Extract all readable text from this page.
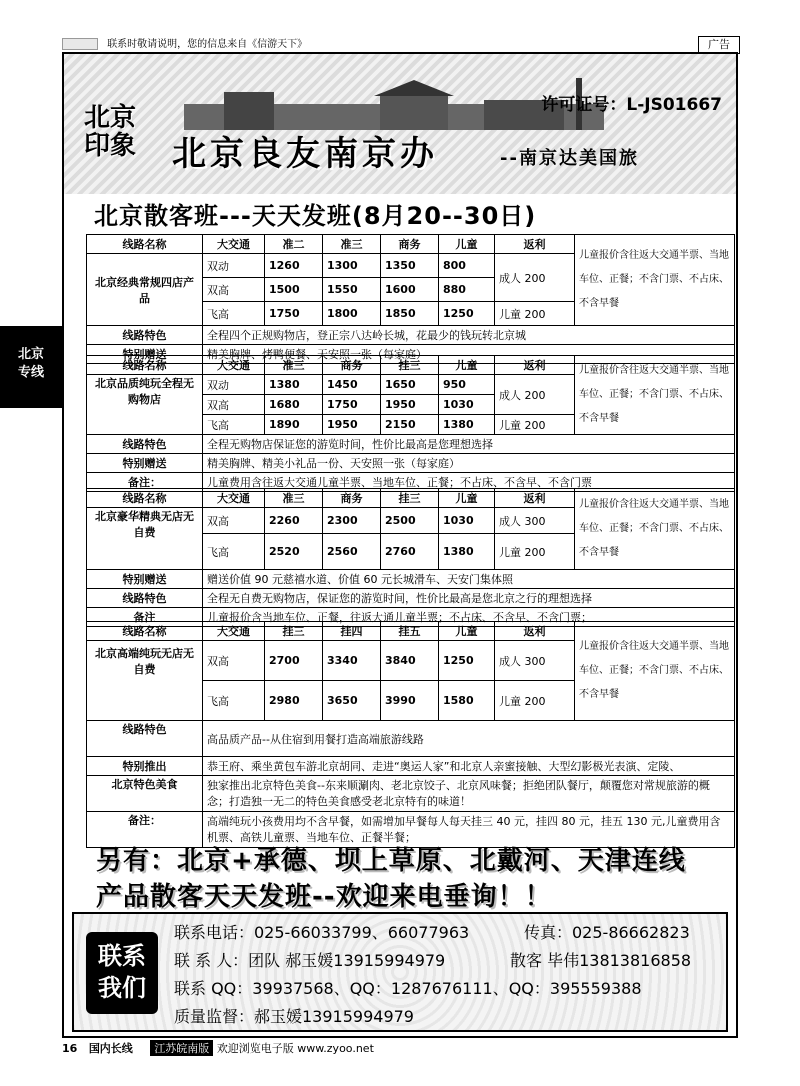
联系时敬请说明，您的信息来自《信游天下》	广告
北京
专线
许可证号：L-JS01667
北京
印象 北京良友南京办	--南京达美国旅
北京散客班---天天发班(8月20--30日)
线路名称	大交通	准二	准三	商务	儿童	返利	儿童报价含往返大交通半票、当地车位、正餐；不含门票、不占床、不含早餐
北京经典常规四店产品	双动	1260	1300	1350	800	成人 200	
	双高	1500	1550	1600	880		
	飞高	1750	1800	1850	1250	儿童 200	
线路特色	全程四个正规购物店，登正宗八达岭长城，花最少的钱玩转北京城						
特别赠送	精美胸牌、烤鸭便餐、天安照一张（每家庭）						
线路名称	大交通	准三	商务	挂三	儿童	返利	儿童报价含往返大交通半票、当地车位、正餐；不含门票、不占床、不含早餐
北京品质纯玩全程无购物店	双动	1380	1450	1650	950	成人 200	
	双高	1680	1750	1950	1030		
	飞高	1890	1950	2150	1380	儿童 200	
线路特色	全程无购物店保证您的游览时间，性价比最高是您理想选择						
特别赠送	精美胸牌、精美小礼品一份、天安照一张（每家庭）						
备注：	儿童费用含往返大交通儿童半票、当地车位、正餐；不占床、不含早、不含门票						
线路名称	大交通	准三	商务	挂三	儿童	返利	儿童报价含往返大交通半票、当地车位、正餐；不含门票、不占床、不含早餐
北京豪华精典无店无自费	双高	2260	2300	2500	1030	成人 300	
	飞高	2520	2560	2760	1380	儿童 200	
特别赠送	赠送价值 90 元慈禧水道、价值 60 元长城滑车、天安门集体照						
线路特色	全程无自费无购物店，保证您的游览时间，性价比最高是您北京之行的理想选择						
备注	儿童报价含当地车位、正餐，往返大通儿童半票；不占床、不含早、不含门票；						
线路名称	大交通	挂三	挂四	挂五	儿童	返利	儿童报价含往返大交通半票、当地车位、正餐；不含门票、不占床、不含早餐
北京高端纯玩无店无自费	双高	2700	3340	3840	1250	成人 300	
	飞高	2980	3650	3990	1580	儿童 200	
线路特色	高品质产品--从住宿到用餐打造高端旅游线路						
特别推出	恭王府、乘坐黄包车游北京胡同、走进“奥运人家”和北京人亲蜜接触、大型幻影极光表演、定陵、						
北京特色美食	独家推出北京特色美食--东来顺涮肉、老北京饺子、北京风味餐；拒绝团队餐厅，颠覆您对常规旅游的概念；打造独一无二的特色美食感受老北京特有的味道！						
备注：	高端纯玩小孩费用均不含早餐，如需增加早餐每人每天挂三 40 元，挂四 80 元，挂五 130 元,儿童费用含机票、高铁儿童票、当地车位、正餐半餐；						
另有：北京+承德、坝上草原、北戴河、天津连线
产品散客天天发班--欢迎来电垂询！！
联系
我们
联系电话：025-66033799、66077963	传真：025-86662823
联 系 人：团队 郝玉媛13915994979	散客 毕伟13813816858
联系 QQ：39937568、QQ：1287676111、QQ：395559388
质量监督：郝玉媛13915994979
16 国内长线 江苏皖南版 欢迎浏览电子版 www.zyoo.net
